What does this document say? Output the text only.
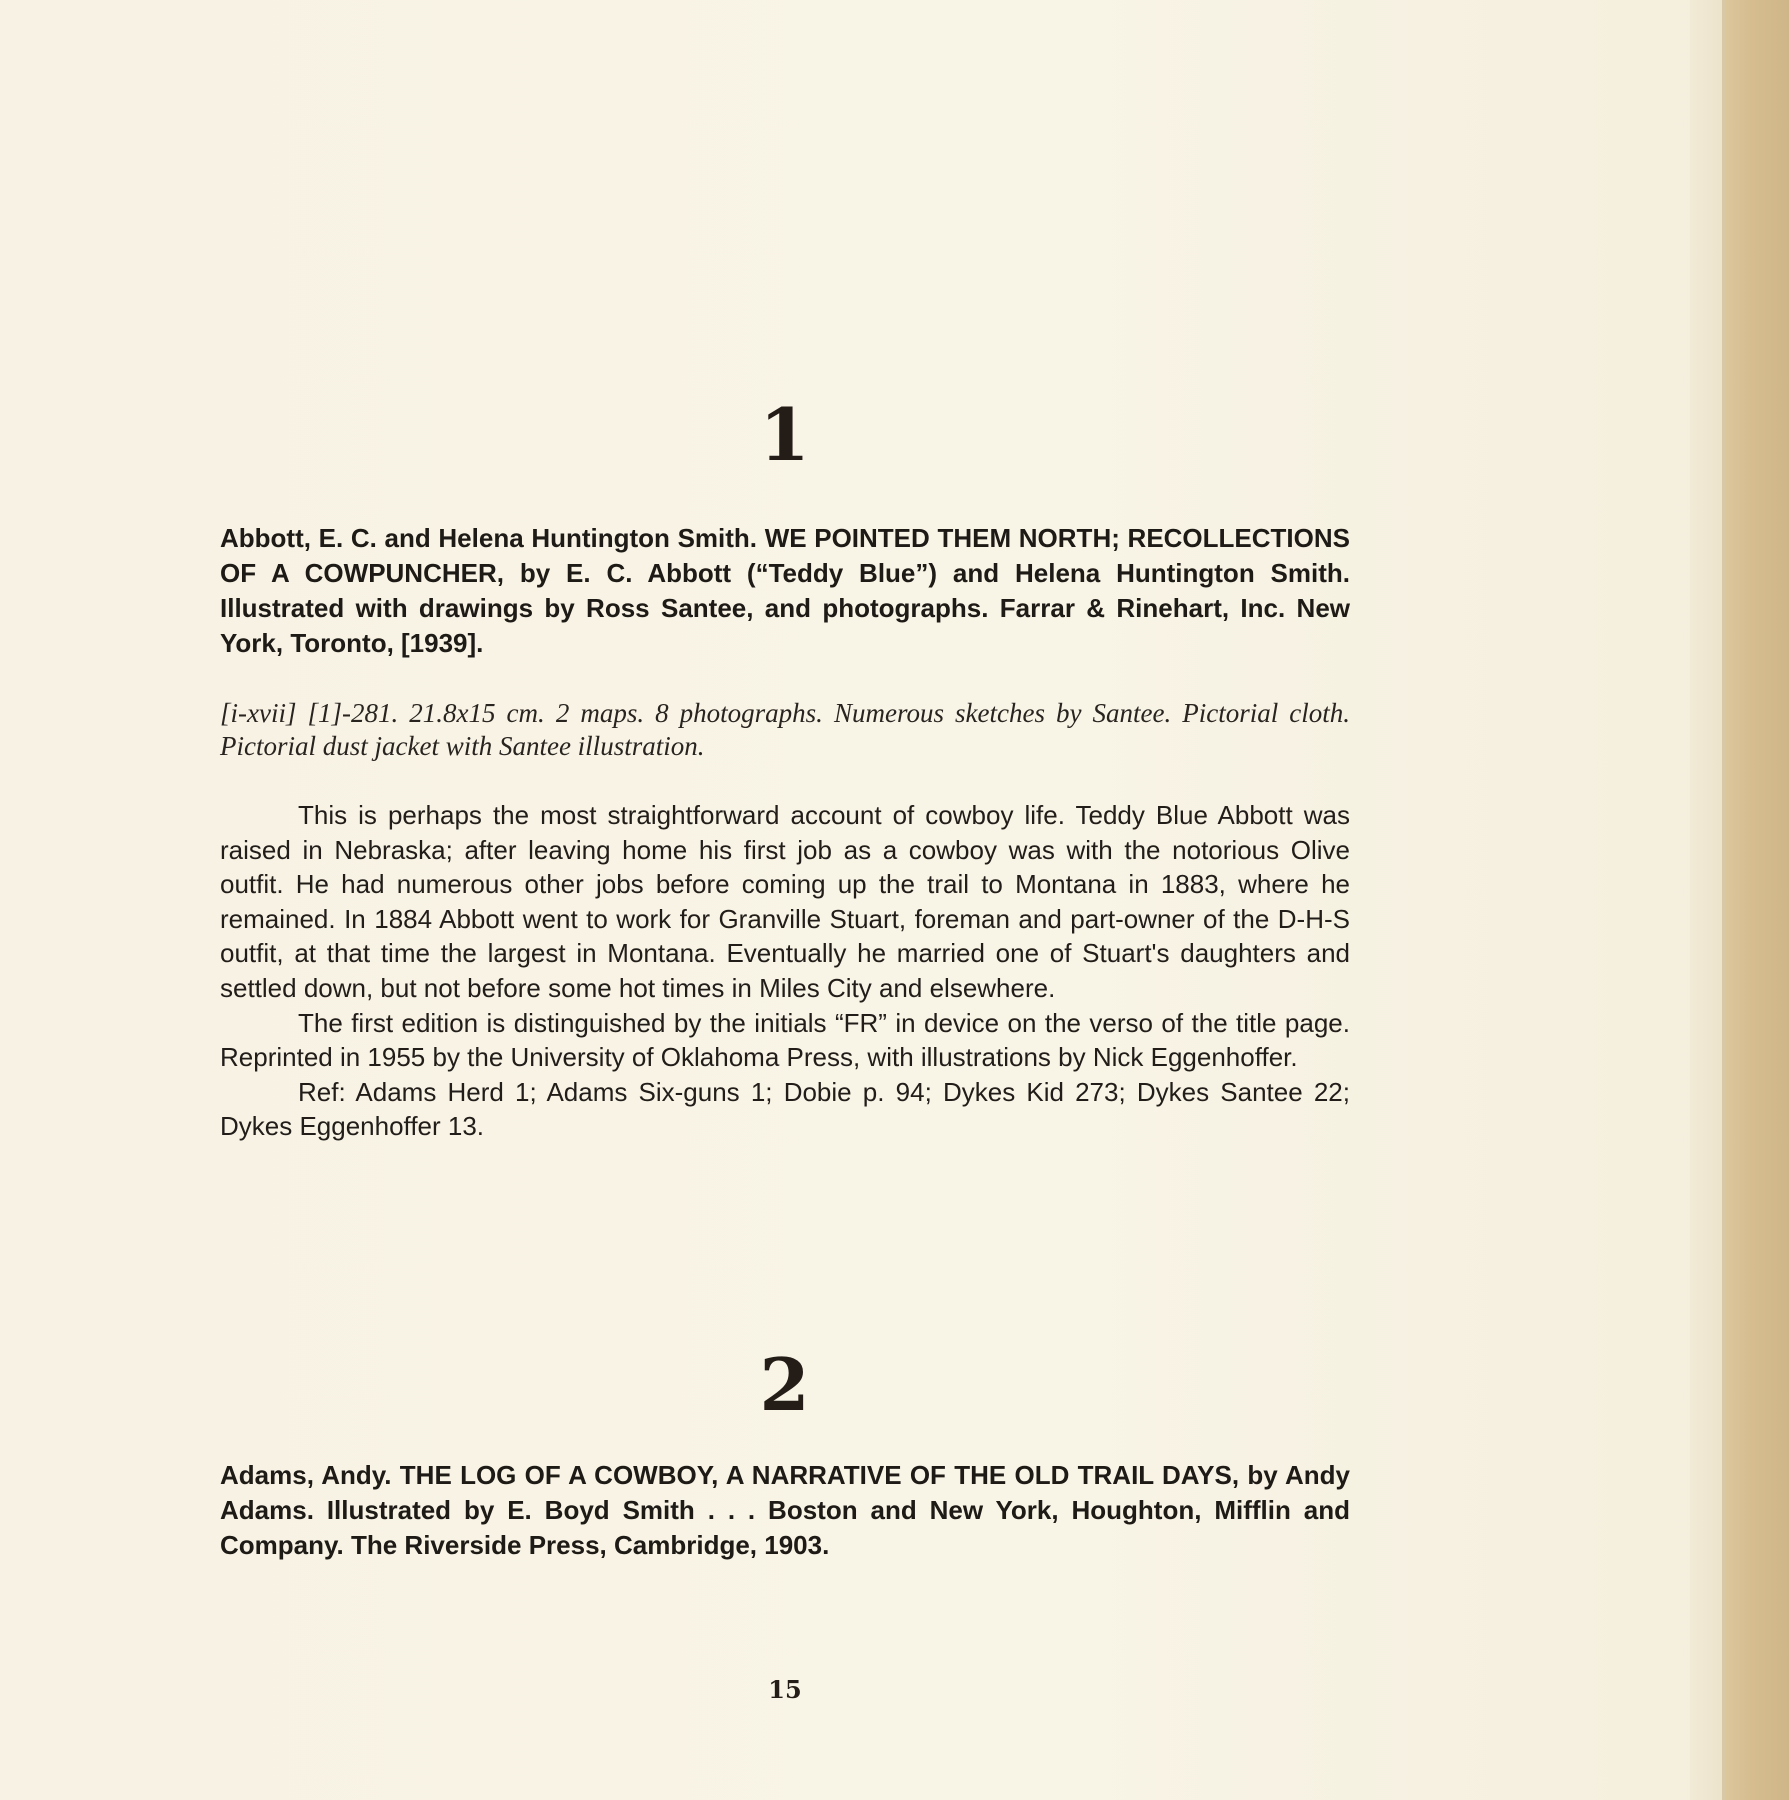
1

Abbott, E. C. and Helena Huntington Smith. WE POINTED THEM NORTH; RECOLLECTIONS OF A COWPUNCHER, by E. C. Abbott (“Teddy Blue”) and Helena Huntington Smith. Illustrated with drawings by Ross Santee, and photographs. Farrar & Rinehart, Inc. New York, Toronto, [1939].

[i-xvii] [1]-281. 21.8x15 cm. 2 maps. 8 photographs. Numerous sketches by Santee. Pictorial cloth. Pictorial dust jacket with Santee illustration.

This is perhaps the most straightforward account of cowboy life. Teddy Blue Abbott was raised in Nebraska; after leaving home his first job as a cowboy was with the notorious Olive outfit. He had numerous other jobs before coming up the trail to Montana in 1883, where he remained. In 1884 Abbott went to work for Granville Stuart, foreman and part-owner of the D-H-S outfit, at that time the largest in Montana. Eventually he married one of Stuart's daughters and settled down, but not before some hot times in Miles City and elsewhere.

The first edition is distinguished by the initials “FR” in device on the verso of the title page. Reprinted in 1955 by the University of Oklahoma Press, with illustrations by Nick Eggenhoffer.

Ref: Adams Herd 1; Adams Six-guns 1; Dobie p. 94; Dykes Kid 273; Dykes Santee 22; Dykes Eggenhoffer 13.

2

Adams, Andy. THE LOG OF A COWBOY, A NARRATIVE OF THE OLD TRAIL DAYS, by Andy Adams. Illustrated by E. Boyd Smith . . . Boston and New York, Houghton, Mifflin and Company. The Riverside Press, Cambridge, 1903.

15
